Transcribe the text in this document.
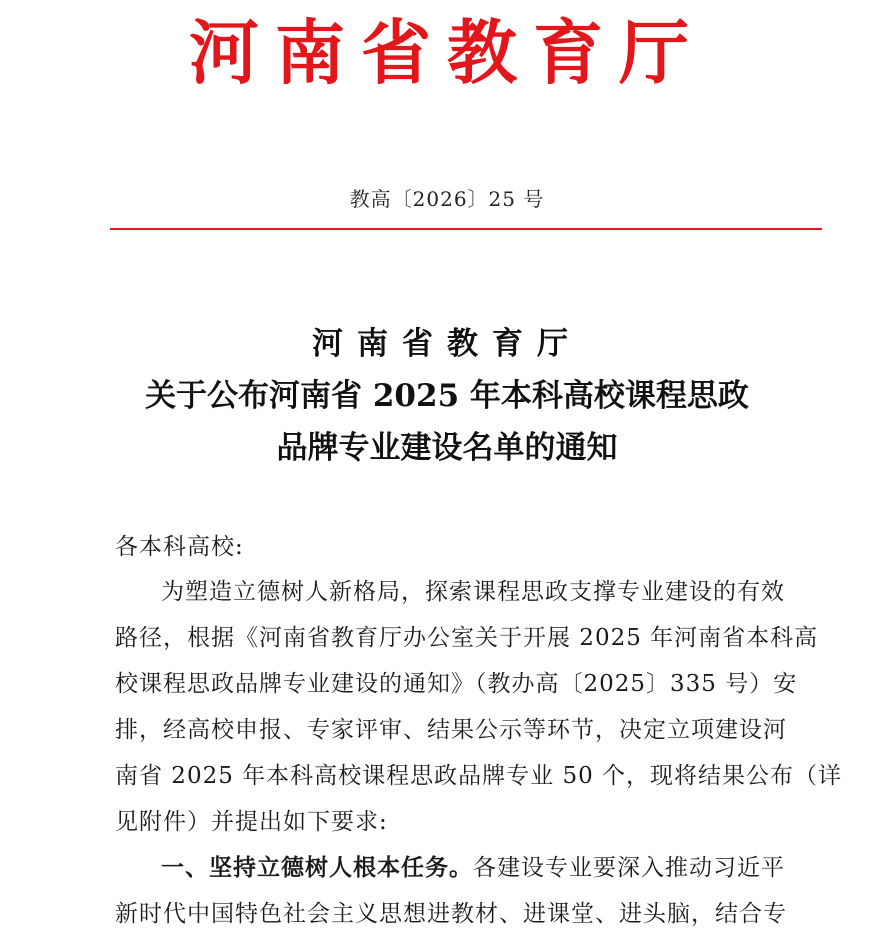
河南省教育厅
教高〔2026〕25 号
河南省教育厅
关于公布河南省 2025 年本科高校课程思政
品牌专业建设名单的通知
各本科高校:
为塑造立德树人新格局，探索课程思政支撑专业建设的有效
路径，根据《河南省教育厅办公室关于开展 2025 年河南省本科高
校课程思政品牌专业建设的通知》（教办高〔2025〕335 号）安
排，经高校申报、专家评审、结果公示等环节，决定立项建设河
南省 2025 年本科高校课程思政品牌专业 50 个，现将结果公布（详
见附件）并提出如下要求:
一、坚持立德树人根本任务。各建设专业要深入推动习近平
新时代中国特色社会主义思想进教材、进课堂、进头脑，结合专
